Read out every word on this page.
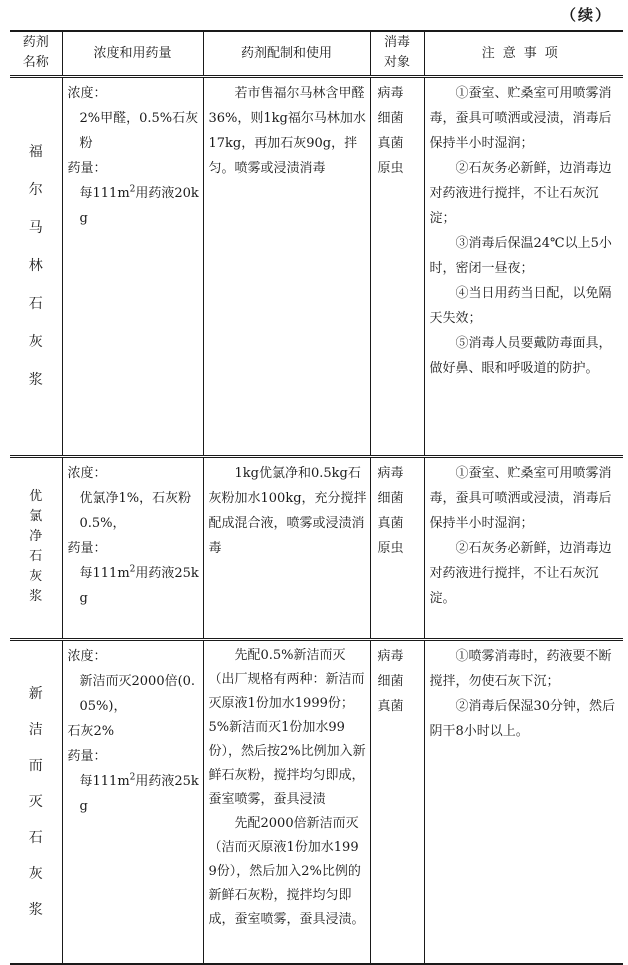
（续）
药剂名称	浓度和用药量	药剂配制和使用	消毒对象	注意事项
福尔马林石灰浆	浓度：
2%甲醛，0.5%石灰粉
药量：
每$111m^2$用药液20kg	若市售福尔马林含甲醛36%，则1kg福尔马林加水17kg，再加石灰90g，拌匀。喷雾或浸渍消毒	病毒
细菌
真菌
原虫	①蚕室、贮桑室可用喷雾消毒，蚕具可喷洒或浸渍，消毒后保持半小时湿润；
②石灰务必新鲜，边消毒边对药液进行搅拌，不让石灰沉淀；
③消毒后保温24℃以上5小时，密闭一昼夜；
④当日用药当日配，以免隔天失效；
⑤消毒人员要戴防毒面具，做好鼻、眼和呼吸道的防护。

优氯净石灰浆	浓度：
优氯净1%，石灰粉0.5%，
药量：
每$111m^2$用药液25kg	1kg优氯净和0.5kg石灰粉加水100kg，充分搅拌配成混合液，喷雾或浸渍消毒	病毒
细菌
真菌
原虫	①蚕室、贮桑室可用喷雾消毒，蚕具可喷洒或浸渍，消毒后保持半小时湿润；
②石灰务必新鲜，边消毒边对药液进行搅拌，不让石灰沉淀。

新洁而灭石灰浆	浓度：
新洁而灭2000倍(0.05%)，
石灰2%
药量：
每$111m^2$用药液25kg	先配0.5%新洁而灭（出厂规格有两种：新洁而灭原液1份加水1999份；5%新洁而灭1份加水99份），然后按2%比例加入新鲜石灰粉，搅拌均匀即成，蚕室喷雾，蚕具浸渍
先配2000倍新洁而灭（洁而灭原液1份加水1999份），然后加入2%比例的新鲜石灰粉，搅拌均匀即成，蚕室喷雾，蚕具浸渍。	病毒
细菌
真菌	①喷雾消毒时，药液要不断搅拌，勿使石灰下沉；
②消毒后保湿30分钟，然后阴干8小时以上。
